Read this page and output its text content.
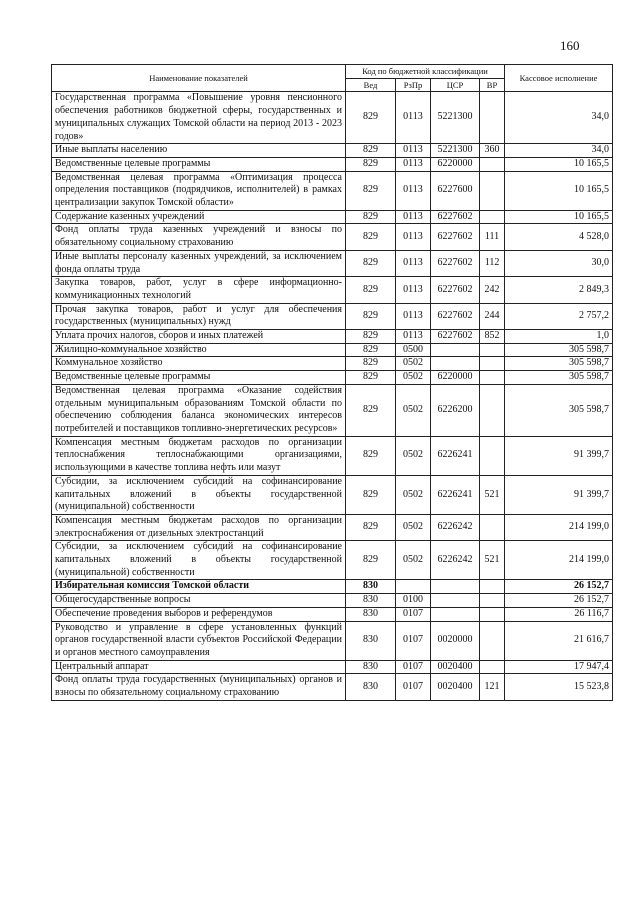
160
Наименование показателей	Код по бюджетной классификации				Кассовое исполнение
	Вед	РзПр	ЦСР	ВР	
Государственная программа «Повышение уровня пенсионного обеспечения работников бюджетной сферы, государственных и муниципальных служащих Томской области на период 2013 - 2023 годов»	829	0113	5221300		34,0
Иные выплаты населению	829	0113	5221300	360	34,0
Ведомственные целевые программы	829	0113	6220000		10 165,5
Ведомственная целевая программа «Оптимизация процесса определения поставщиков (подрядчиков, исполнителей) в рамках централизации закупок Томской области»	829	0113	6227600		10 165,5
Содержание казенных учреждений	829	0113	6227602		10 165,5
Фонд оплаты труда казенных учреждений и взносы по обязательному социальному страхованию	829	0113	6227602	111	4 528,0
Иные выплаты персоналу казенных учреждений, за исключением фонда оплаты труда	829	0113	6227602	112	30,0
Закупка товаров, работ, услуг в сфере информационно-коммуникационных технологий	829	0113	6227602	242	2 849,3
Прочая закупка товаров, работ и услуг для обеспечения государственных (муниципальных) нужд	829	0113	6227602	244	2 757,2
Уплата прочих налогов, сборов и иных платежей	829	0113	6227602	852	1,0
Жилищно-коммунальное хозяйство	829	0500			305 598,7
Коммунальное хозяйство	829	0502			305 598,7
Ведомственные целевые программы	829	0502	6220000		305 598,7
Ведомственная целевая программа «Оказание содействия отдельным муниципальным образованиям Томской области по обеспечению соблюдения баланса экономических интересов потребителей и поставщиков топливно-энергетических ресурсов»	829	0502	6226200		305 598,7
Компенсация местным бюджетам расходов по организации теплоснабжения теплоснабжающими организациями, использующими в качестве топлива нефть или мазут	829	0502	6226241		91 399,7
Субсидии, за исключением субсидий на софинансирование капитальных вложений в объекты государственной (муниципальной) собственности	829	0502	6226241	521	91 399,7
Компенсация местным бюджетам расходов по организации электроснабжения от дизельных электростанций	829	0502	6226242		214 199,0
Субсидии, за исключением субсидий на софинансирование капитальных вложений в объекты государственной (муниципальной) собственности	829	0502	6226242	521	214 199,0
Избирательная комиссия Томской области	830				26 152,7
Общегосударственные вопросы	830	0100			26 152,7
Обеспечение проведения выборов и референдумов	830	0107			26 116,7
Руководство и управление в сфере установленных функций органов государственной власти субъектов Российской Федерации и органов местного самоуправления	830	0107	0020000		21 616,7
Центральный аппарат	830	0107	0020400		17 947,4
Фонд оплаты труда государственных (муниципальных) органов и взносы по обязательному социальному страхованию	830	0107	0020400	121	15 523,8
